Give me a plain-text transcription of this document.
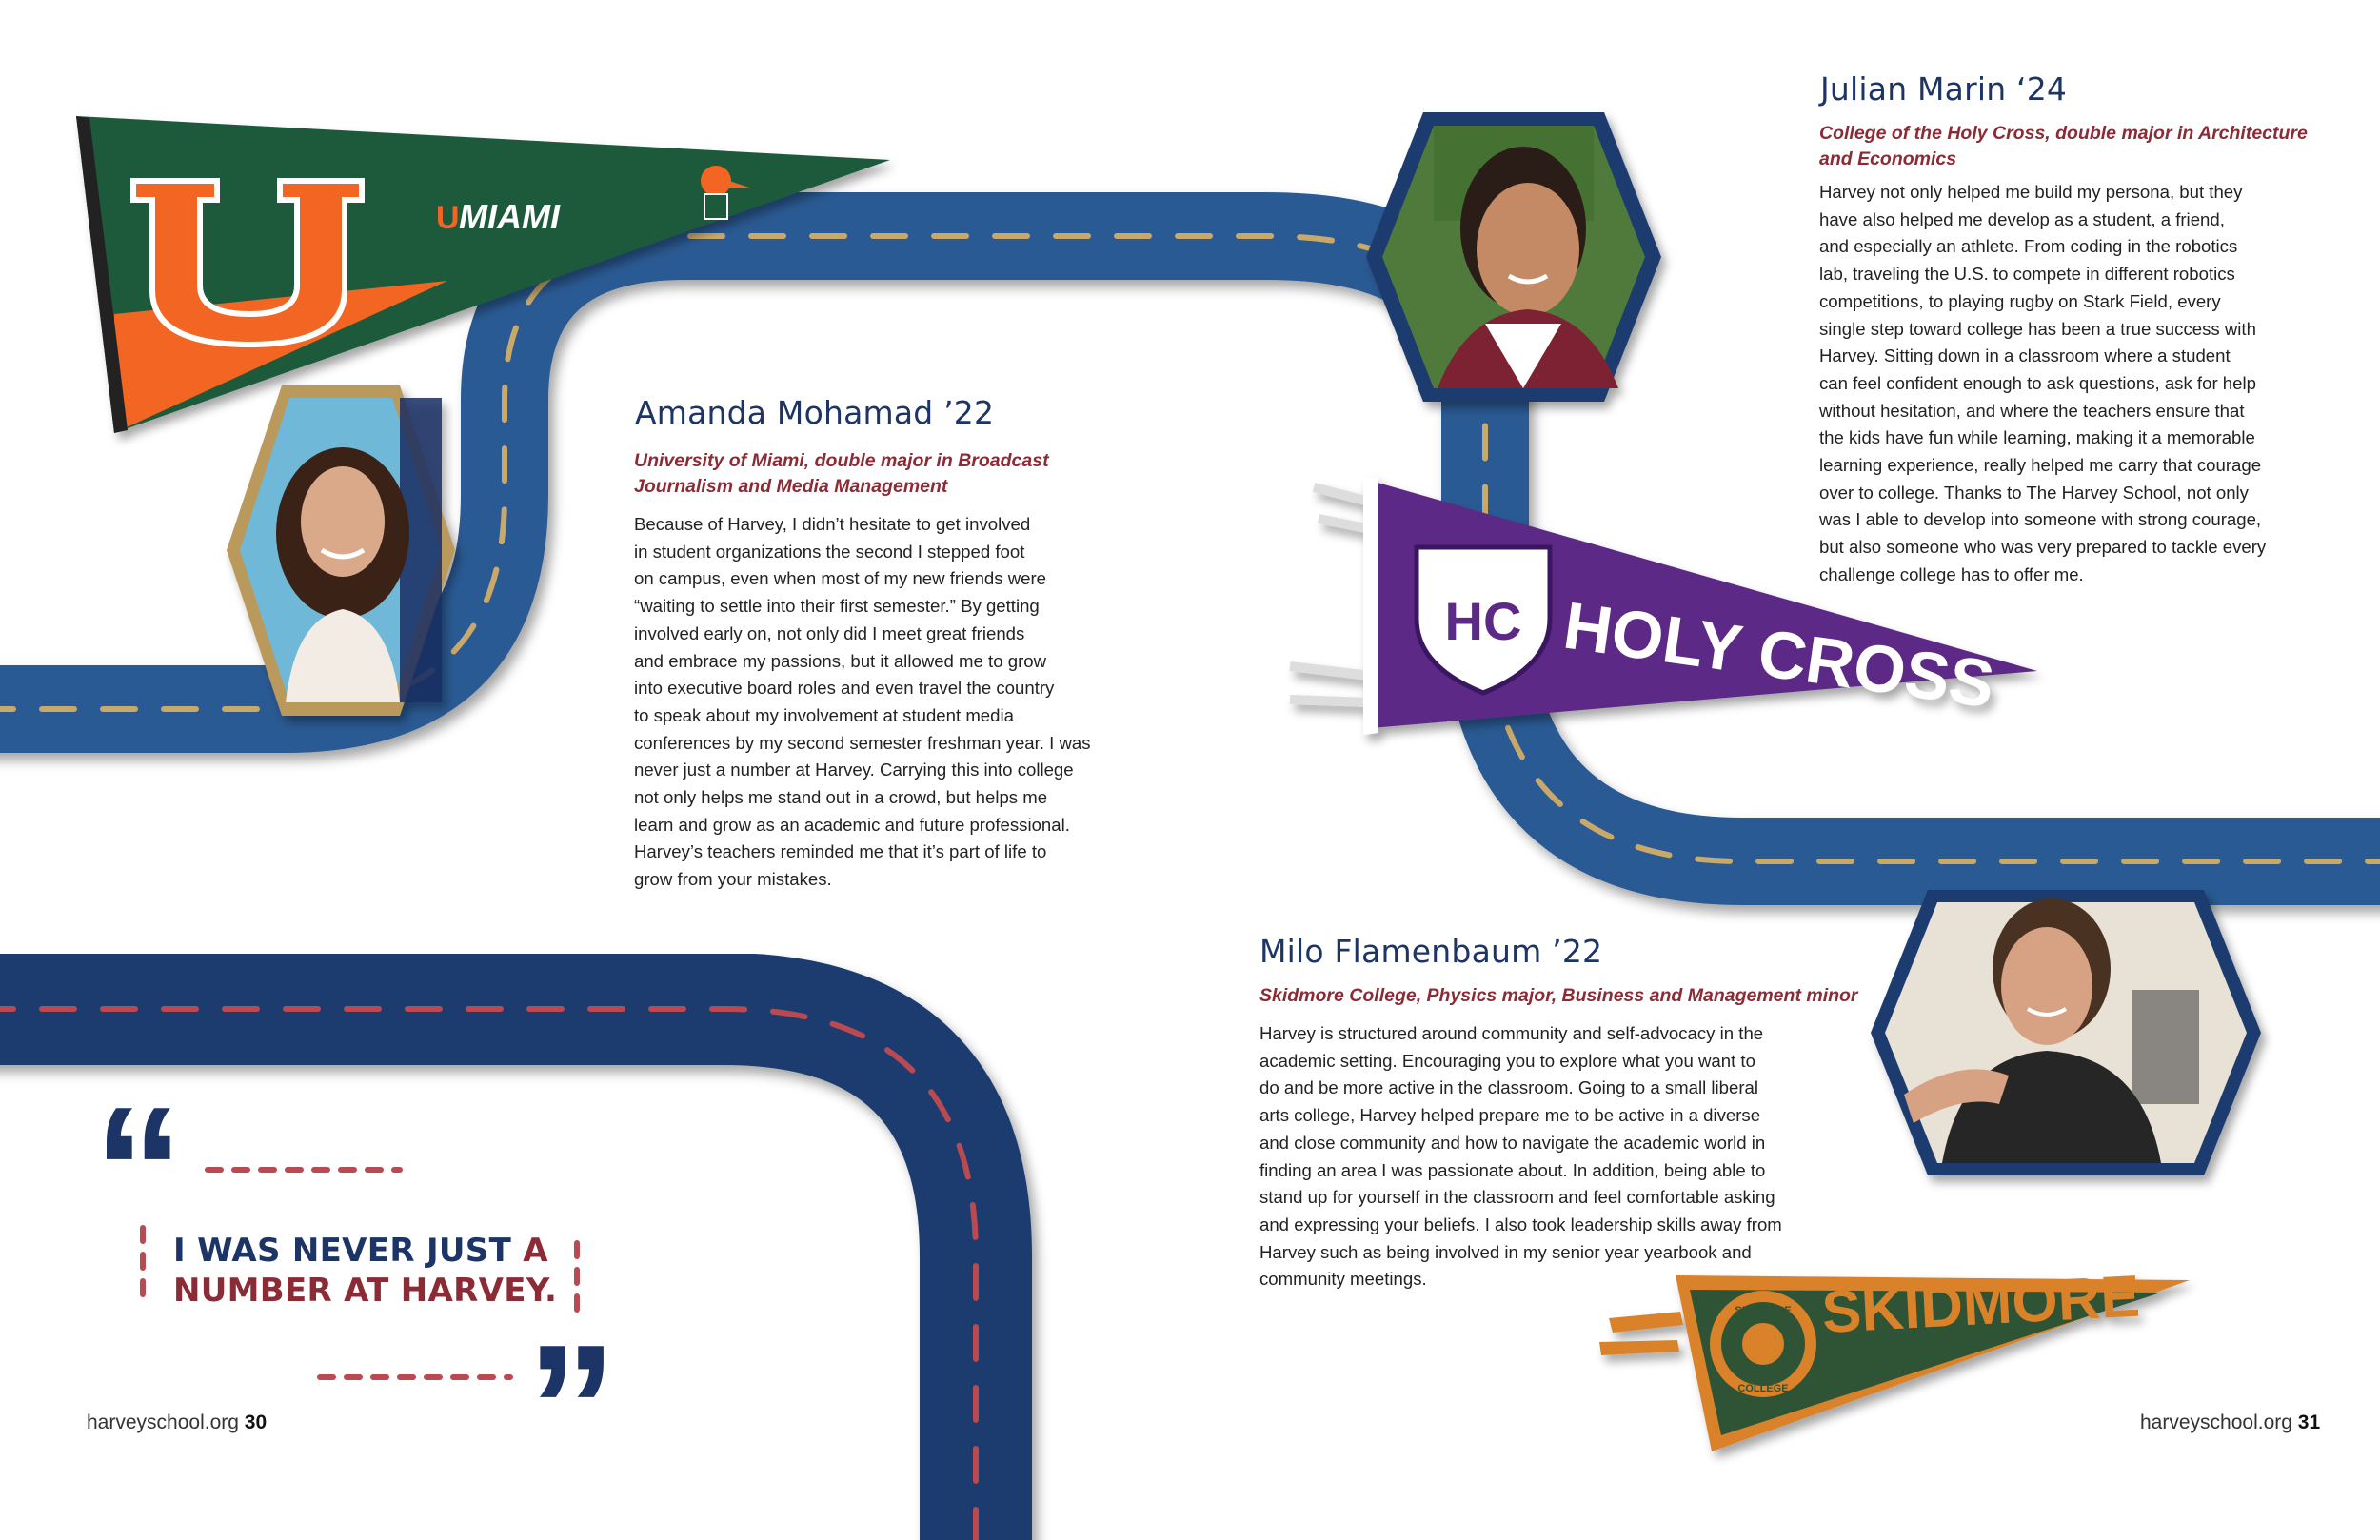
U MIAMI
HC HOLY CROSS
SKIDMORE
COLLEGE
SKIDMORE
Amanda Mohamad ’22
University of Miami, double major in Broadcast
Journalism and Media Management
Because of Harvey, I didn’t hesitate to get involved
in student organizations the second I stepped foot
on campus, even when most of my new friends were
“waiting to settle into their first semester.” By getting
involved early on, not only did I meet great friends
and embrace my passions, but it allowed me to grow
into executive board roles and even travel the country
to speak about my involvement at student media
conferences by my second semester freshman year. I was
never just a number at Harvey. Carrying this into college
not only helps me stand out in a crowd, but helps me
learn and grow as an academic and future professional.
Harvey’s teachers reminded me that it’s part of life to
grow from your mistakes.
Julian Marin ‘24
College of the Holy Cross, double major in Architecture
and Economics
Harvey not only helped me build my persona, but they
have also helped me develop as a student, a friend,
and especially an athlete. From coding in the robotics
lab, traveling the U.S. to compete in different robotics
competitions, to playing rugby on Stark Field, every
single step toward college has been a true success with
Harvey. Sitting down in a classroom where a student
can feel confident enough to ask questions, ask for help
without hesitation, and where the teachers ensure that
the kids have fun while learning, making it a memorable
learning experience, really helped me carry that courage
over to college. Thanks to The Harvey School, not only
was I able to develop into someone with strong courage,
but also someone who was very prepared to tackle every
challenge college has to offer me.
Milo Flamenbaum ’22
Skidmore College, Physics major, Business and Management minor
Harvey is structured around community and self-advocacy in the
academic setting. Encouraging you to explore what you want to
do and be more active in the classroom. Going to a small liberal
arts college, Harvey helped prepare me to be active in a diverse
and close community and how to navigate the academic world in
finding an area I was passionate about. In addition, being able to
stand up for yourself in the classroom and feel comfortable asking
and expressing your beliefs. I also took leadership skills away from
Harvey such as being involved in my senior year yearbook and
community meetings.
“
”
I WAS NEVER JUST A
NUMBER AT HARVEY.
harveyschool.org 30	harveyschool.org 31
